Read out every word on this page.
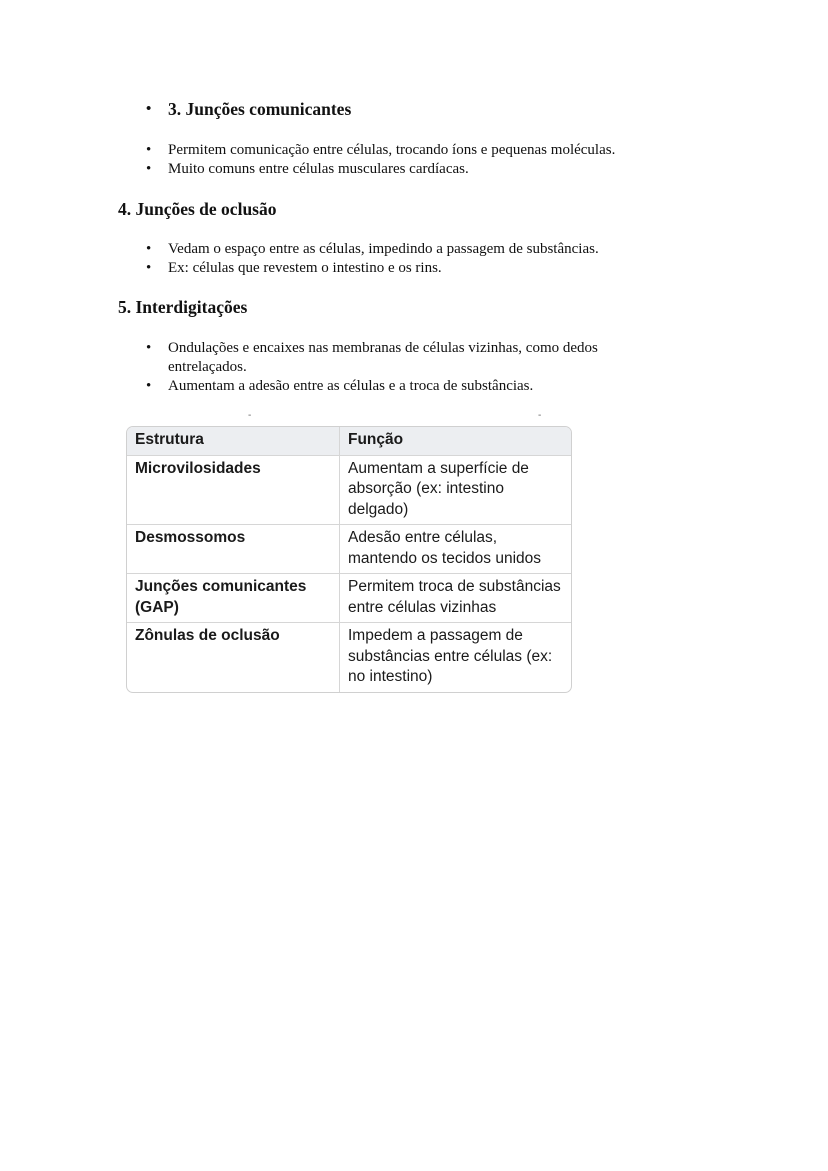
• 3. Junções comunicantes
• Permitem comunicação entre células, trocando íons e pequenas moléculas.
• Muito comuns entre células musculares cardíacas.
4. Junções de oclusão
• Vedam o espaço entre as células, impedindo a passagem de substâncias.
• Ex: células que revestem o intestino e os rins.
5. Interdigitações
• Ondulações e encaixes nas membranas de células vizinhas, como dedos entrelaçados.
• Aumentam a adesão entre as células e a troca de substâncias.
-	-
Estrutura	Função
Microvilosidades	Aumentam a superfície de absorção (ex: intestino delgado)
Desmossomos	Adesão entre células, mantendo os tecidos unidos
Junções comunicantes (GAP)	Permitem troca de substâncias entre células vizinhas
Zônulas de oclusão	Impedem a passagem de substâncias entre células (ex: no intestino)
